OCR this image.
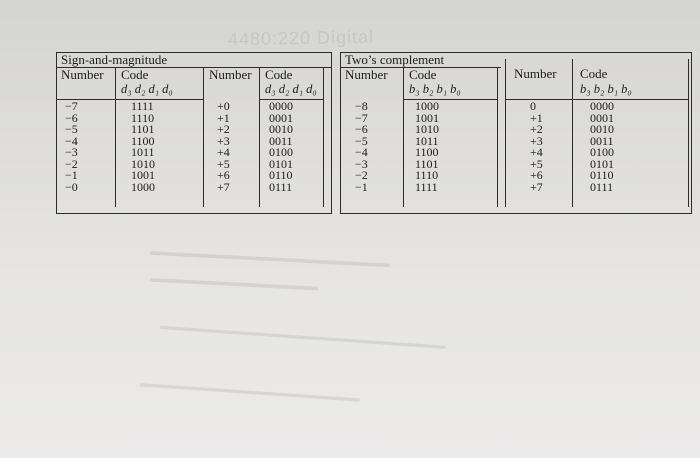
4480:220 Digital
▬▬▬▬▬▬▬▬▬▬▬▬▬▬▬▬▬▬▬▬
▬▬▬▬▬▬▬▬▬▬▬▬▬▬
▬▬▬▬▬▬▬▬▬▬▬▬▬▬▬▬▬▬▬▬▬▬▬▬▬▬
▬▬▬▬▬▬▬▬▬▬▬▬▬▬▬▬▬▬▬▬
Sign-and-magnitude
Number Code
d₃ d₂ d₁ d₀
−7
−6
−5
−4
−3
−2
−1
−0
1111
1110
1101
1100
1011
1010
1001
1000
Number Code
d₃ d₂ d₁ d₀
+0
+1
+2
+3
+4
+5
+6
+7
0000
0001
0010
0011
0100
0101
0110
0111
Two’s complement
Number Code
b₃ b₂ b₁ b₀
−8
−7
−6
−5
−4
−3
−2
−1
1000
1001
1010
1011
1100
1101
1110
1111
Number Code
b₃ b₂ b₁ b₀
0
+1
+2
+3
+4
+5
+6
+7
0000
0001
0010
0011
0100
0101
0110
0111
